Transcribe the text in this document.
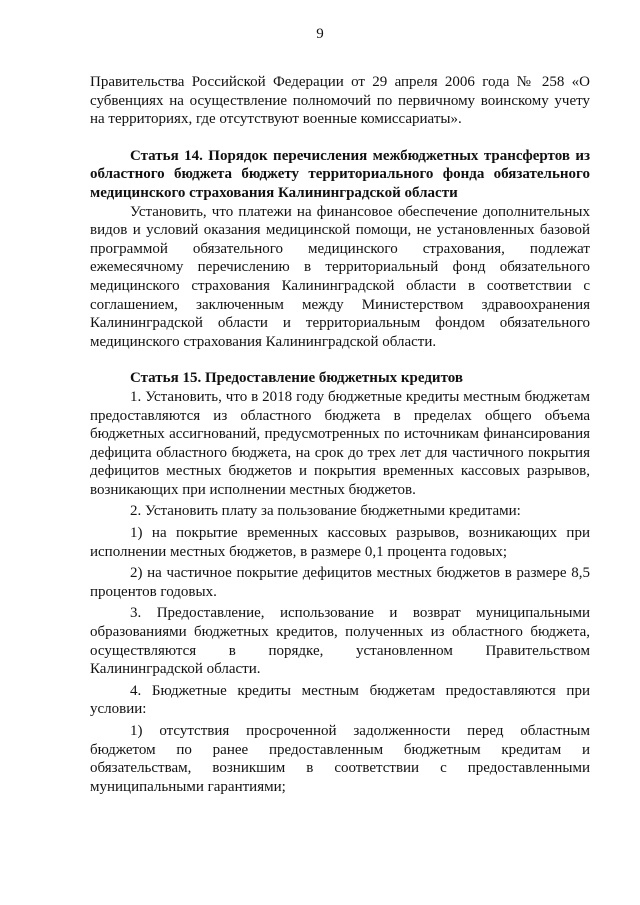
9

Правительства Российской Федерации от 29 апреля 2006 года № 258 «О субвенциях на осуществление полномочий по первичному воинскому учету на территориях, где отсутствуют военные комиссариаты».

Статья 14. Порядок перечисления межбюджетных трансфертов из областного бюджета бюджету территориального фонда обязательного медицинского страхования Калининградской области

Установить, что платежи на финансовое обеспечение дополнительных видов и условий оказания медицинской помощи, не установленных базовой программой обязательного медицинского страхования, подлежат ежемесячному перечислению в территориальный фонд обязательного медицинского страхования Калининградской области в соответствии с соглашением, заключенным между Министерством здравоохранения Калининградской области и территориальным фондом обязательного медицинского страхования Калининградской области.

Статья 15. Предоставление бюджетных кредитов

1. Установить, что в 2018 году бюджетные кредиты местным бюджетам предоставляются из областного бюджета в пределах общего объема бюджетных ассигнований, предусмотренных по источникам финансирования дефицита областного бюджета, на срок до трех лет для частичного покрытия дефицитов местных бюджетов и покрытия временных кассовых разрывов, возникающих при исполнении местных бюджетов.

2. Установить плату за пользование бюджетными кредитами:

1) на покрытие временных кассовых разрывов, возникающих при исполнении местных бюджетов, в размере 0,1 процента годовых;

2) на частичное покрытие дефицитов местных бюджетов в размере 8,5 процентов годовых.

3. Предоставление, использование и возврат муниципальными образованиями бюджетных кредитов, полученных из областного бюджета, осуществляются в порядке, установленном Правительством Калининградской области.

4. Бюджетные кредиты местным бюджетам предоставляются при условии:

1) отсутствия просроченной задолженности перед областным бюджетом по ранее предоставленным бюджетным кредитам и обязательствам, возникшим в соответствии с предоставленными муниципальными гарантиями;
